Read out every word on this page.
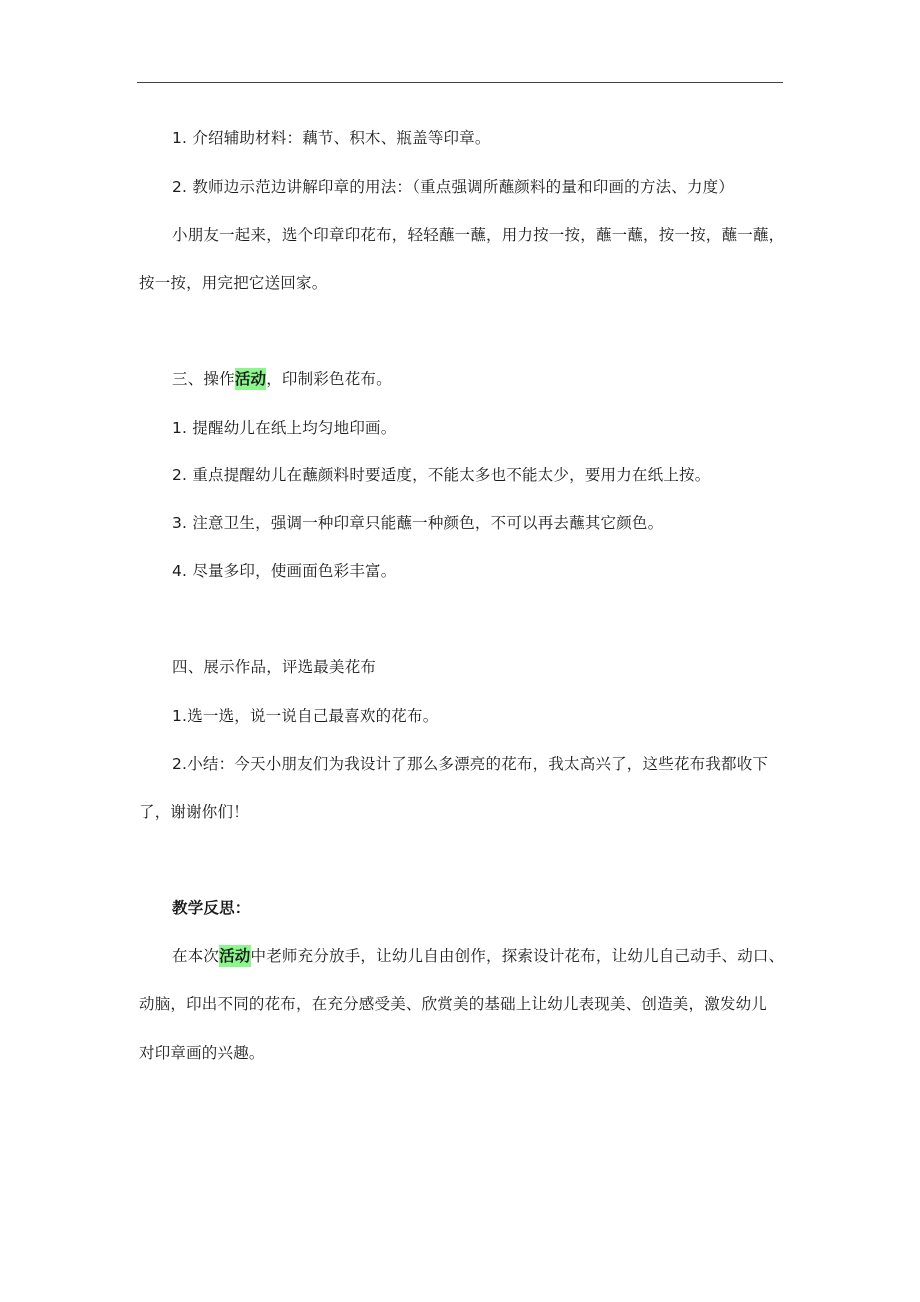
1. 介绍辅助材料：藕节、积木、瓶盖等印章。
2. 教师边示范边讲解印章的用法：（重点强调所蘸颜料的量和印画的方法、力度）
小朋友一起来，选个印章印花布，轻轻蘸一蘸，用力按一按，蘸一蘸，按一按，蘸一蘸，
按一按，用完把它送回家。
三、操作活动，印制彩色花布。
1. 提醒幼儿在纸上均匀地印画。
2. 重点提醒幼儿在蘸颜料时要适度，不能太多也不能太少，要用力在纸上按。
3. 注意卫生，强调一种印章只能蘸一种颜色，不可以再去蘸其它颜色。
4. 尽量多印，使画面色彩丰富。
四、展示作品，评选最美花布
1.选一选，说一说自己最喜欢的花布。
2.小结：今天小朋友们为我设计了那么多漂亮的花布，我太高兴了，这些花布我都收下
了，谢谢你们！
教学反思：
在本次活动中老师充分放手，让幼儿自由创作，探索设计花布，让幼儿自己动手、动口、
动脑，印出不同的花布，在充分感受美、欣赏美的基础上让幼儿表现美、创造美，激发幼儿
对印章画的兴趣。
